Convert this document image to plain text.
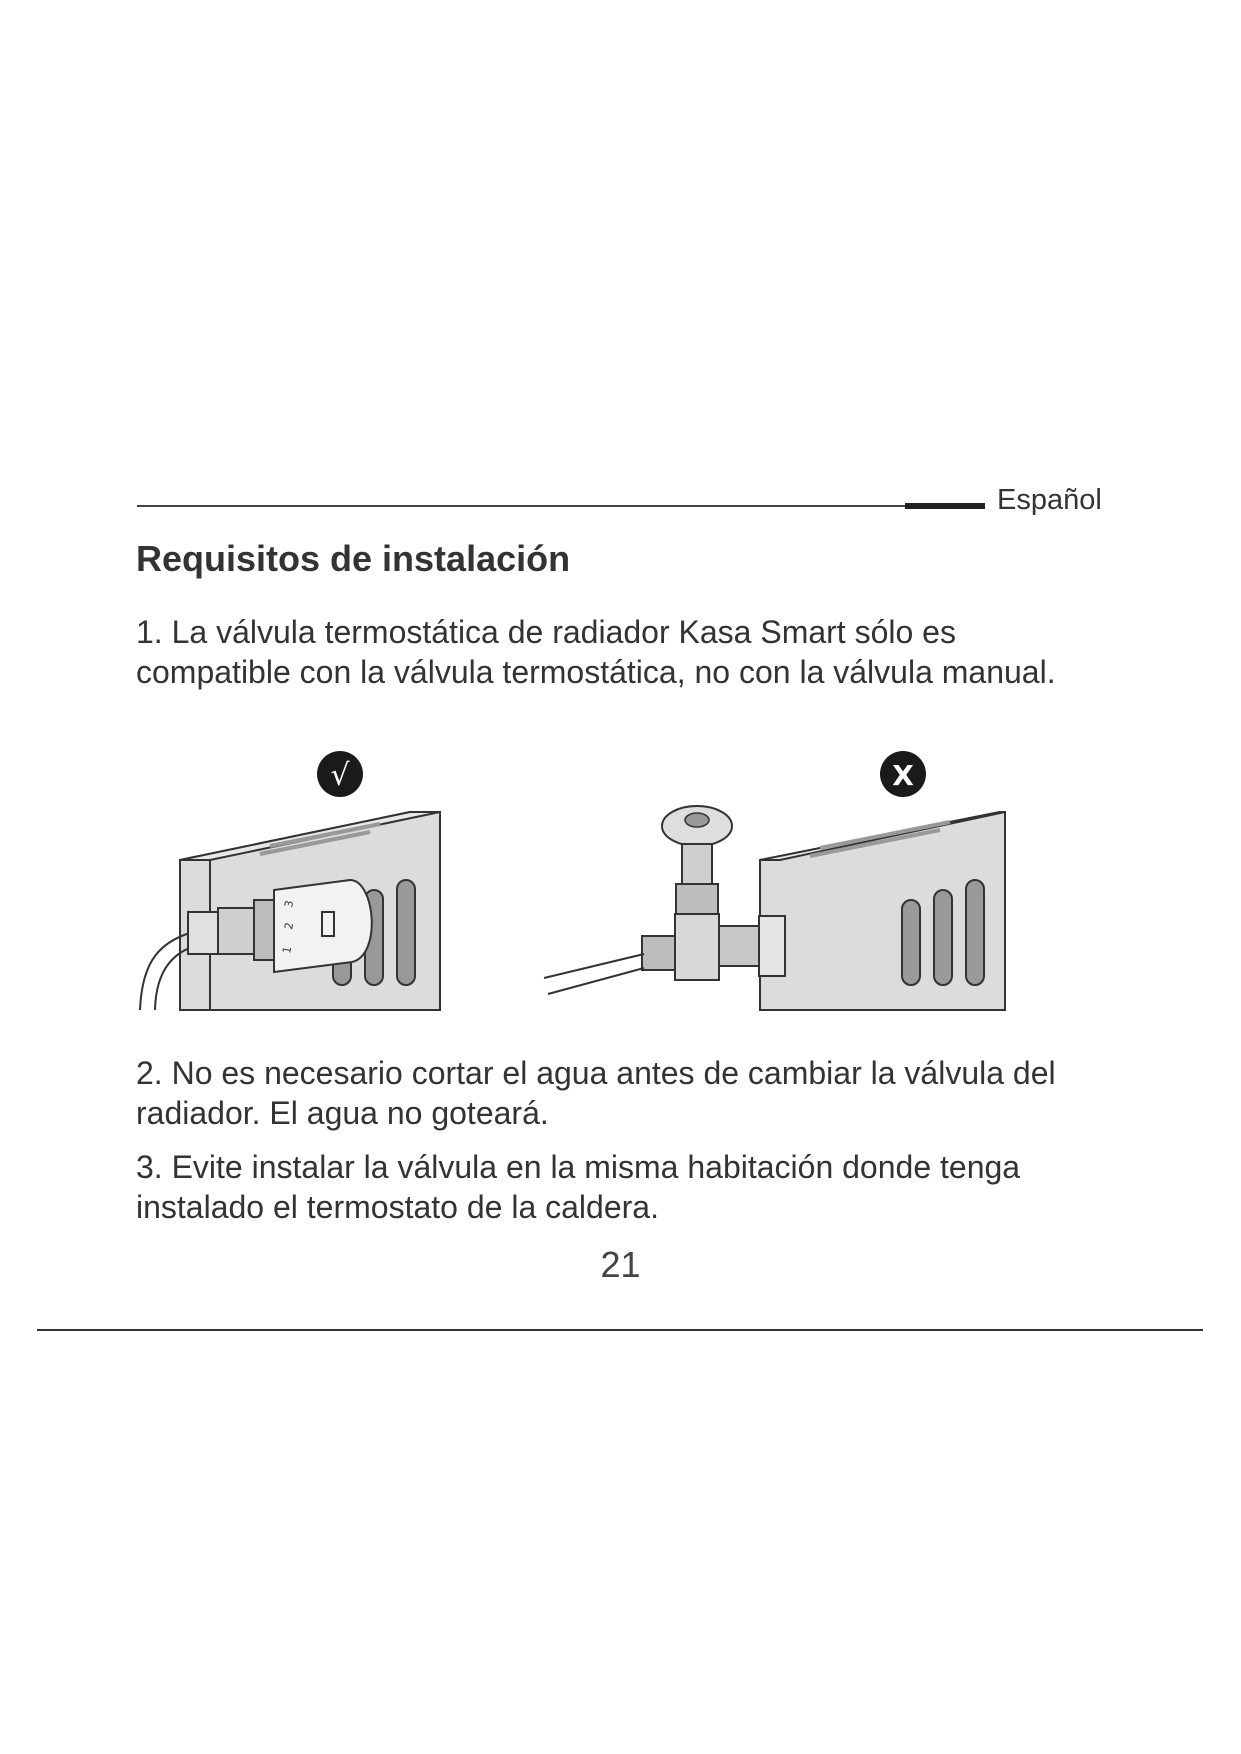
Español
Requisitos de instalación

1. La válvula termostática de radiador Kasa Smart sólo es compatible con la válvula termostática, no con la válvula manual.

√
3
2
1
X

2. No es necesario cortar el agua antes de cambiar la válvula del radiador. El agua no goteará.

3. Evite instalar la válvula en la misma habitación donde tenga instalado el termostato de la caldera.

21
